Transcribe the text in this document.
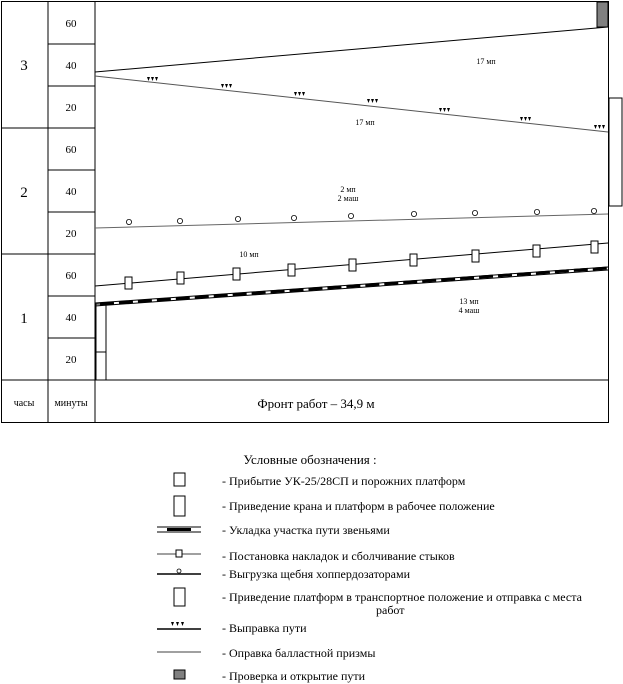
3
2
1
60
40
20
60
40
20
60
40
20
часы минуты	Фронт работ – 34,9 м
17 мп
17 мп
2 мп
2 маш
10 мп
13 мп
4 маш
Условные обозначения :
- Прибытие УК-25/28СП и порожних платформ
- Приведение крана и платформ в рабочее положение
- Укладка участка пути звеньями
- Постановка накладок и сболчивание стыков
- Выгрузка щебня хоппердозаторами
- Приведение платформ в транспортное положение и отправка с места
работ
- Выправка пути
- Оправка балластной призмы
- Проверка и открытие пути
